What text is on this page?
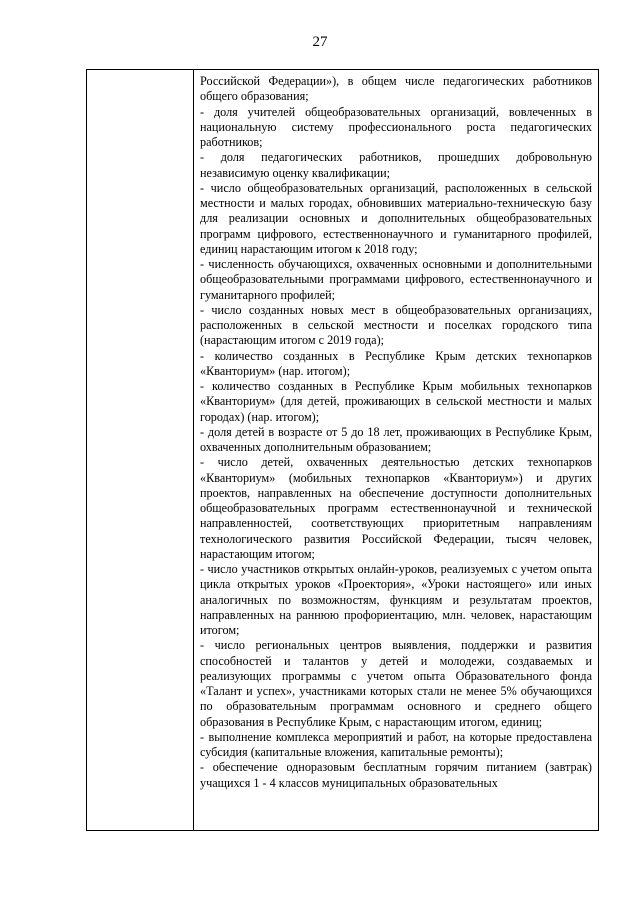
27

Российской Федерации»), в общем числе педагогических работников общего образования;

- доля учителей общеобразовательных организаций, вовлеченных в национальную систему профессионального роста педагогических работников;

- доля педагогических работников, прошедших добровольную независимую оценку квалификации;

- число общеобразовательных организаций, расположенных в сельской местности и малых городах, обновивших материально-техническую базу для реализации основных и дополнительных общеобразовательных программ цифрового, естественнонаучного и гуманитарного профилей, единиц нарастающим итогом к 2018 году;

- численность обучающихся, охваченных основными и дополнительными общеобразовательными программами цифрового, естественнонаучного и гуманитарного профилей;

- число созданных новых мест в общеобразовательных организациях, расположенных в сельской местности и поселках городского типа (нарастающим итогом с 2019 года);

- количество созданных в Республике Крым детских технопарков «Кванториум» (нар. итогом);

- количество созданных в Республике Крым мобильных технопарков «Кванториум» (для детей, проживающих в сельской местности и малых городах) (нар. итогом);

- доля детей в возрасте от 5 до 18 лет, проживающих в Республике Крым, охваченных дополнительным образованием;

- число детей, охваченных деятельностью детских технопарков «Кванториум» (мобильных технопарков «Кванториум») и других проектов, направленных на обеспечение доступности дополнительных общеобразовательных программ естественнонаучной и технической направленностей, соответствующих приоритетным направлениям технологического развития Российской Федерации, тысяч человек, нарастающим итогом;

- число участников открытых онлайн-уроков, реализуемых с учетом опыта цикла открытых уроков «Проектория», «Уроки настоящего» или иных аналогичных по возможностям, функциям и результатам проектов, направленных на раннюю профориентацию, млн. человек, нарастающим итогом;

- число региональных центров выявления, поддержки и развития способностей и талантов у детей и молодежи, создаваемых и реализующих программы с учетом опыта Образовательного фонда «Талант и успех», участниками которых стали не менее 5% обучающихся по образовательным программам основного и среднего общего образования в Республике Крым, с нарастающим итогом, единиц;

- выполнение комплекса мероприятий и работ, на которые предоставлена субсидия (капитальные вложения, капитальные ремонты);

- обеспечение одноразовым бесплатным горячим питанием (завтрак) учащихся 1 - 4 классов муниципальных образовательных
